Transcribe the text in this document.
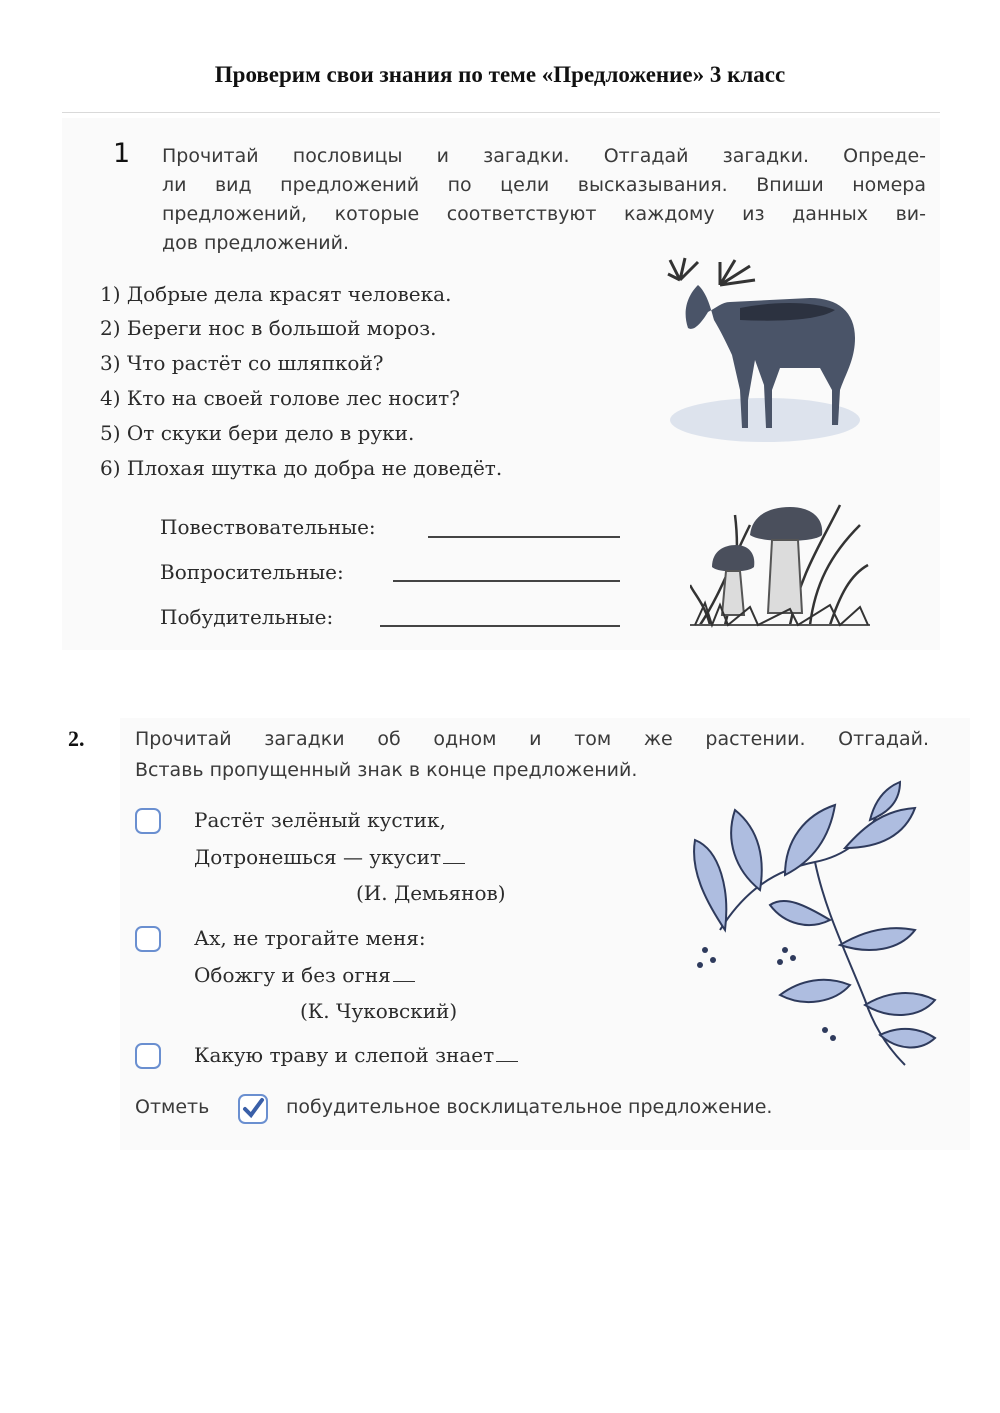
Проверим свои знания по теме «Предложение» 3 класс
1 Прочитай пословицы и загадки. Отгадай загадки. Опреде-
ли вид предложений по цели высказывания. Впиши номера
предложений, которые соответствуют каждому из данных ви-
дов предложений.
1) Добрые дела красят человека.
2) Береги нос в большой мороз.
3) Что растёт со шляпкой?
4) Кто на своей голове лес носит?
5) От скуки бери дело в руки.
6) Плохая шутка до добра не доведёт.
Повествовательные:
Вопросительные:
Побудительные:
2.	Прочитай загадки об одном и том же растении. Отгадай.
Вставь пропущенный знак в конце предложений.
Растёт зелёный кустик,
Дотронешься — укусит
(И. Демьянов)
Ах, не трогайте меня:
Обожгу и без огня
(К. Чуковский)
Какую траву и слепой знает
Отметь	побудительное восклицательное предложение.
